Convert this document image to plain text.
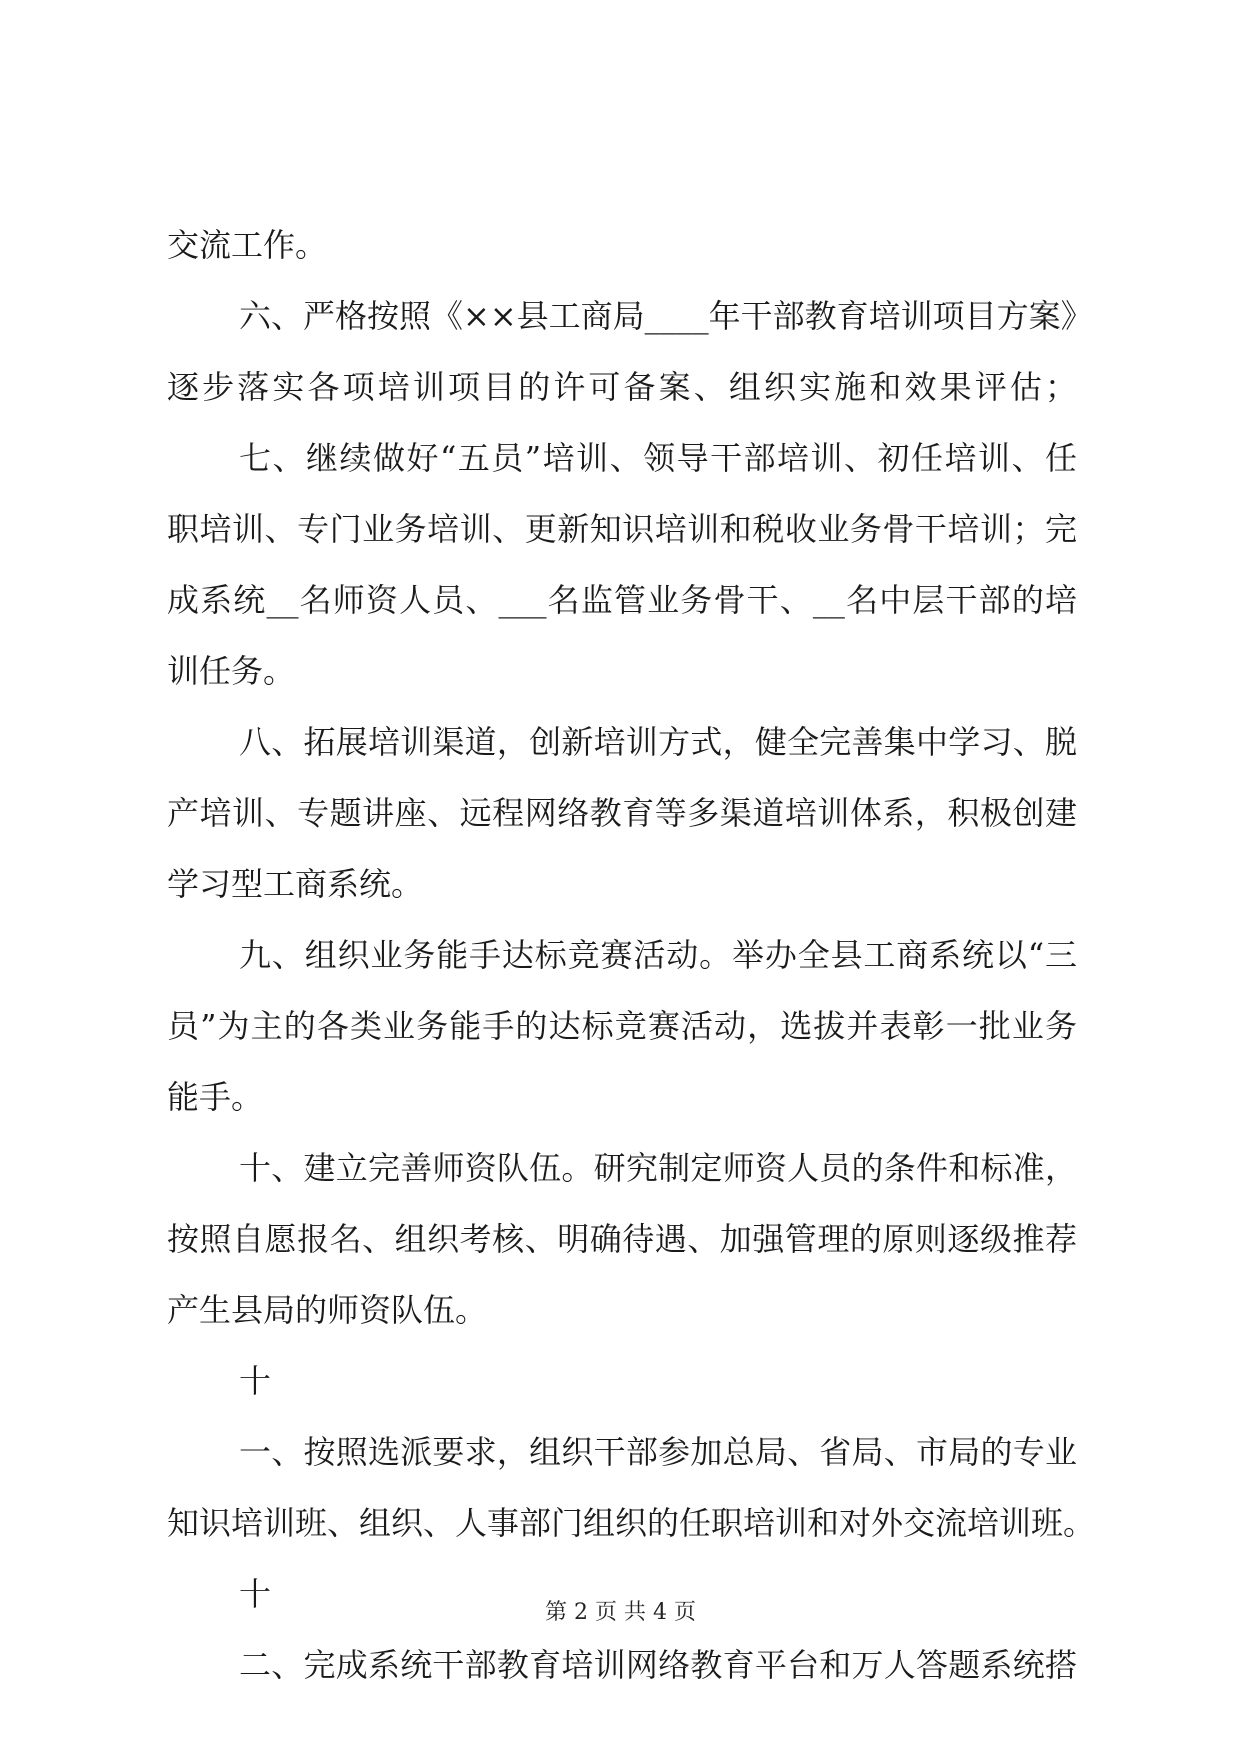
交流工作。
六、严格按照《××县工商局____年干部教育培训项目方案》
逐步落实各项培训项目的许可备案、组织实施和效果评估；
七、继续做好“五员”培训、领导干部培训、初任培训、任
职培训、专门业务培训、更新知识培训和税收业务骨干培训；完
成系统__名师资人员、___名监管业务骨干、__名中层干部的培
训任务。
八、拓展培训渠道，创新培训方式，健全完善集中学习、脱
产培训、专题讲座、远程网络教育等多渠道培训体系，积极创建
学习型工商系统。
九、组织业务能手达标竞赛活动。举办全县工商系统以“三
员”为主的各类业务能手的达标竞赛活动，选拔并表彰一批业务
能手。
十、建立完善师资队伍。研究制定师资人员的条件和标准，
按照自愿报名、组织考核、明确待遇、加强管理的原则逐级推荐
产生县局的师资队伍。
十
一、按照选派要求，组织干部参加总局、省局、市局的专业
知识培训班、组织、人事部门组织的任职培训和对外交流培训班。
十
二、完成系统干部教育培训网络教育平台和万人答题系统搭
第 2 页 共 4 页
